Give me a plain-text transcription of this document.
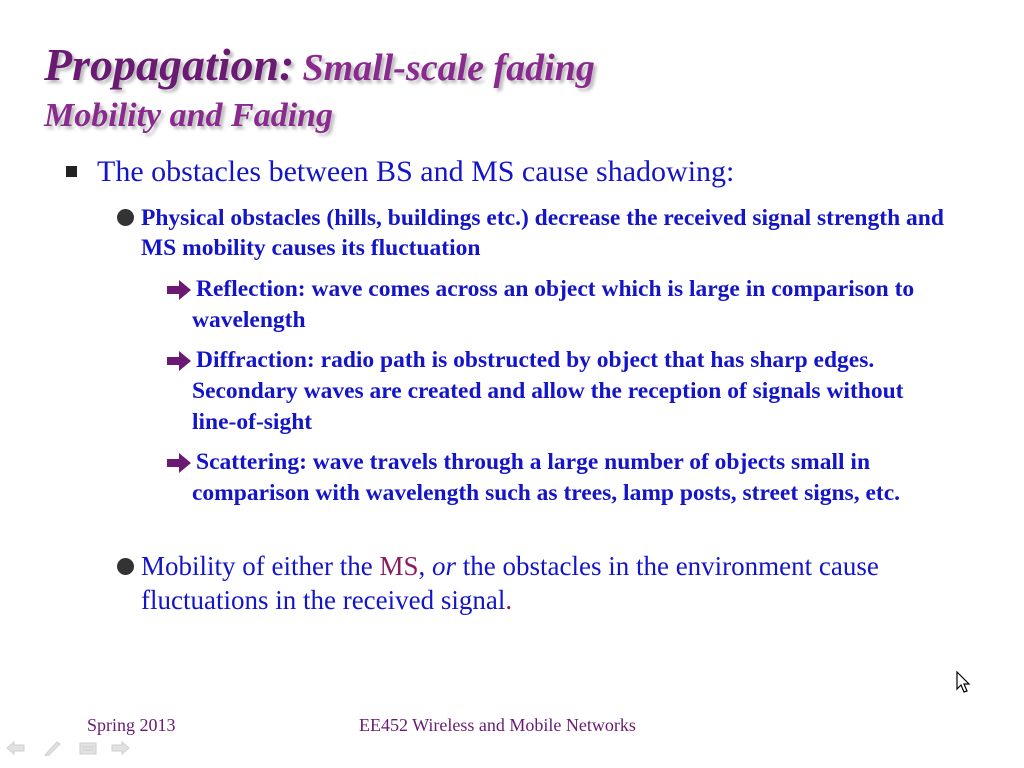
Propagation: Small-scale fading
Mobility and Fading
The obstacles between BS and MS cause shadowing:
Physical obstacles (hills, buildings etc.) decrease the received signal strength and MS mobility causes its fluctuation
Reflection: wave comes across an object which is large in comparison to wavelength
Diffraction: radio path is obstructed by object that has sharp edges. Secondary waves are created and allow the reception of signals without line-of-sight
Scattering: wave travels through a large number of objects small in comparison with wavelength such as trees, lamp posts, street signs, etc.
Mobility of either the MS, or the obstacles in the environment cause fluctuations in the received signal.
Spring 2013	EE452 Wireless and Mobile Networks
